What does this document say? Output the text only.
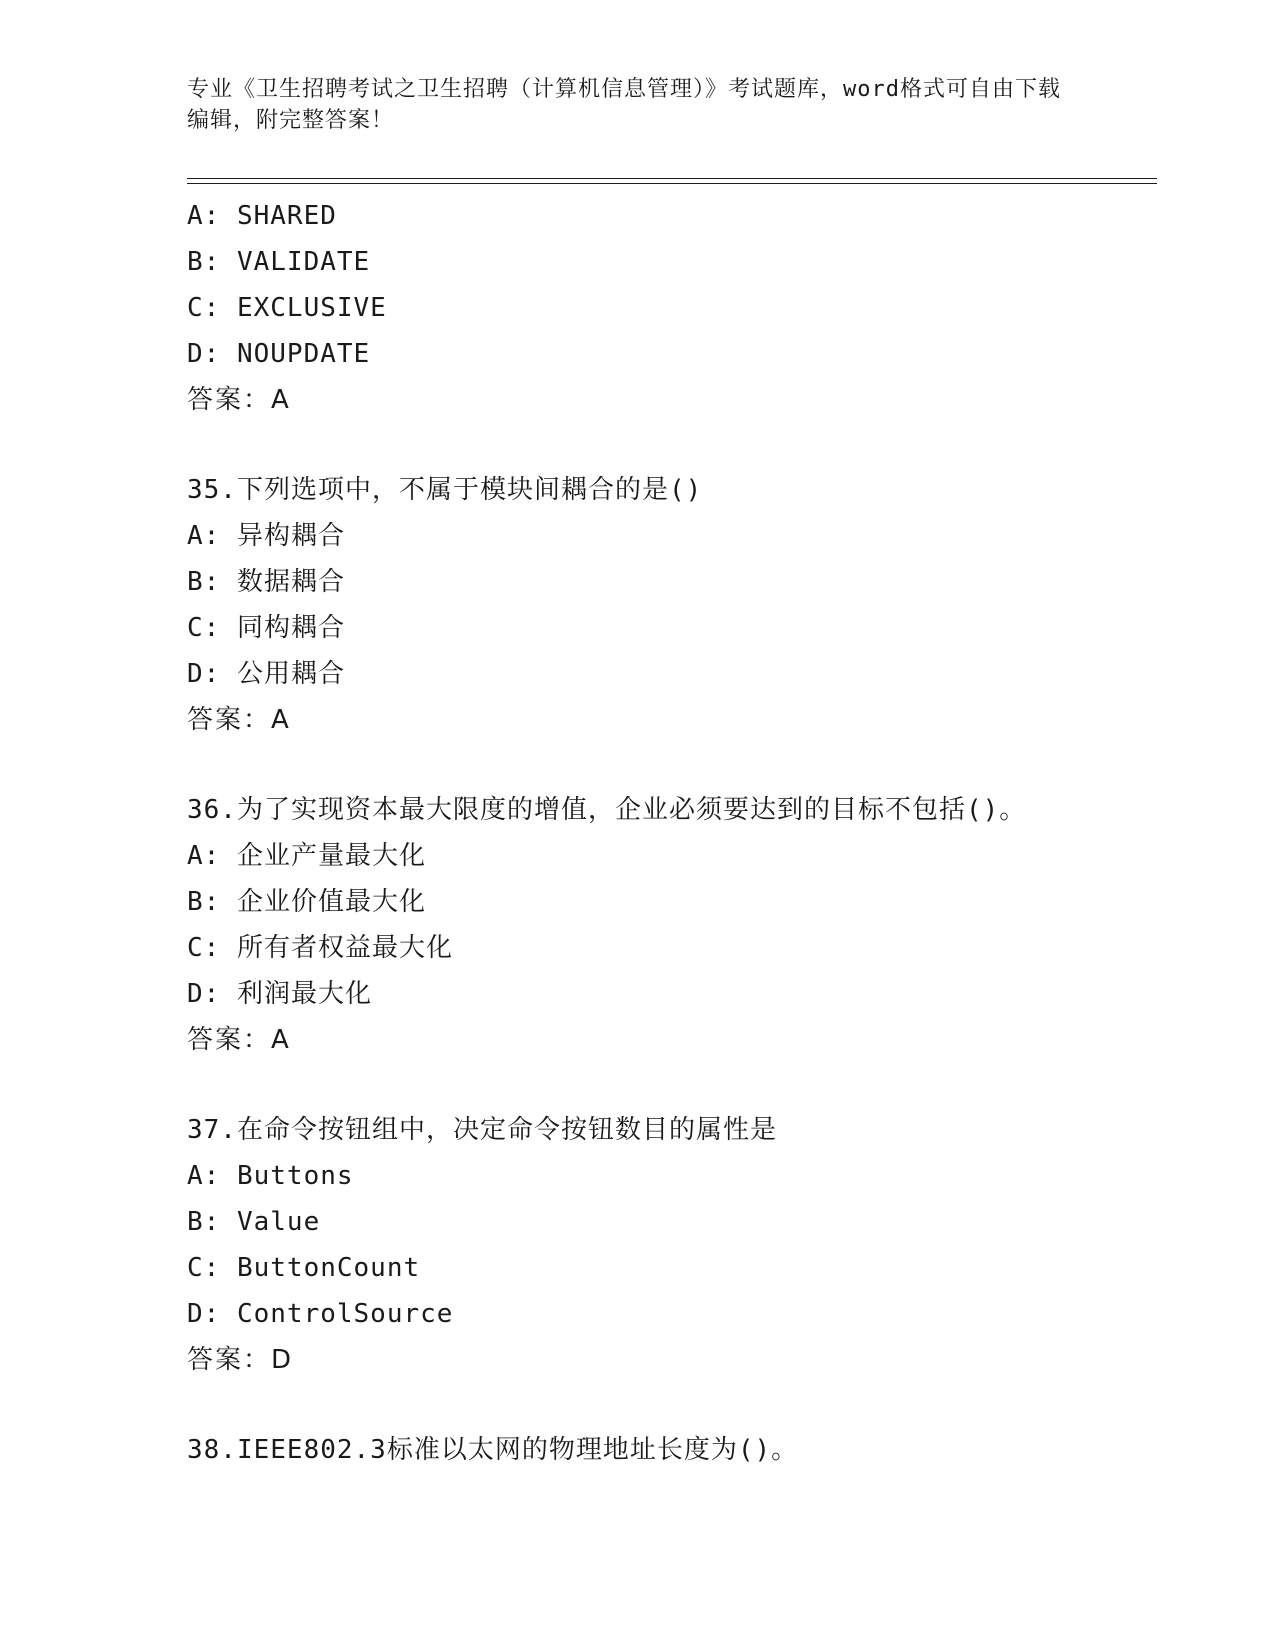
专业《卫生招聘考试之卫生招聘（计算机信息管理）》考试题库，word格式可自由下载编辑，附完整答案！
A: SHARED
B: VALIDATE
C: EXCLUSIVE
D: NOUPDATE
答案：A
35.下列选项中，不属于模块间耦合的是()
A: 异构耦合
B: 数据耦合
C: 同构耦合
D: 公用耦合
答案：A
36.为了实现资本最大限度的增值，企业必须要达到的目标不包括()。
A: 企业产量最大化
B: 企业价值最大化
C: 所有者权益最大化
D: 利润最大化
答案：A
37.在命令按钮组中，决定命令按钮数目的属性是
A: Buttons
B: Value
C: ButtonCount
D: ControlSource
答案：D
38.IEEE802.3标准以太网的物理地址长度为()。
